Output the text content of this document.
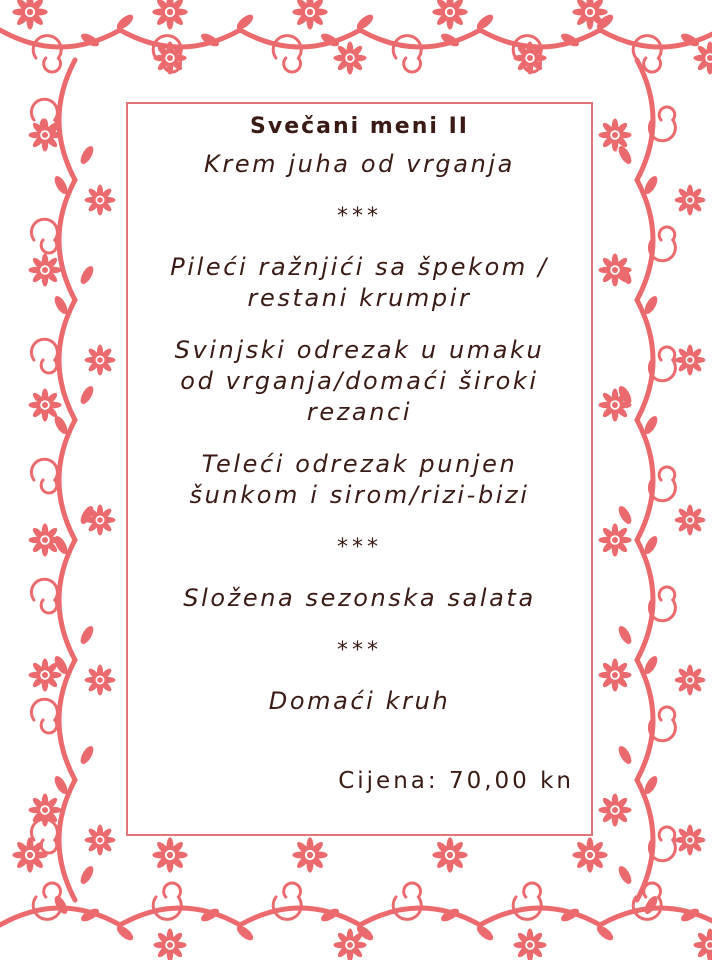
Svečani meni II
Krem juha od vrganja
***
Pileći ražnjići sa špekom /
restani krumpir
Svinjski odrezak u umaku
od vrganja/domaći široki
rezanci
Teleći odrezak punjen
šunkom i sirom/rizi-bizi
***
Složena sezonska salata
***
Domaći kruh
Cijena: 70,00 kn
